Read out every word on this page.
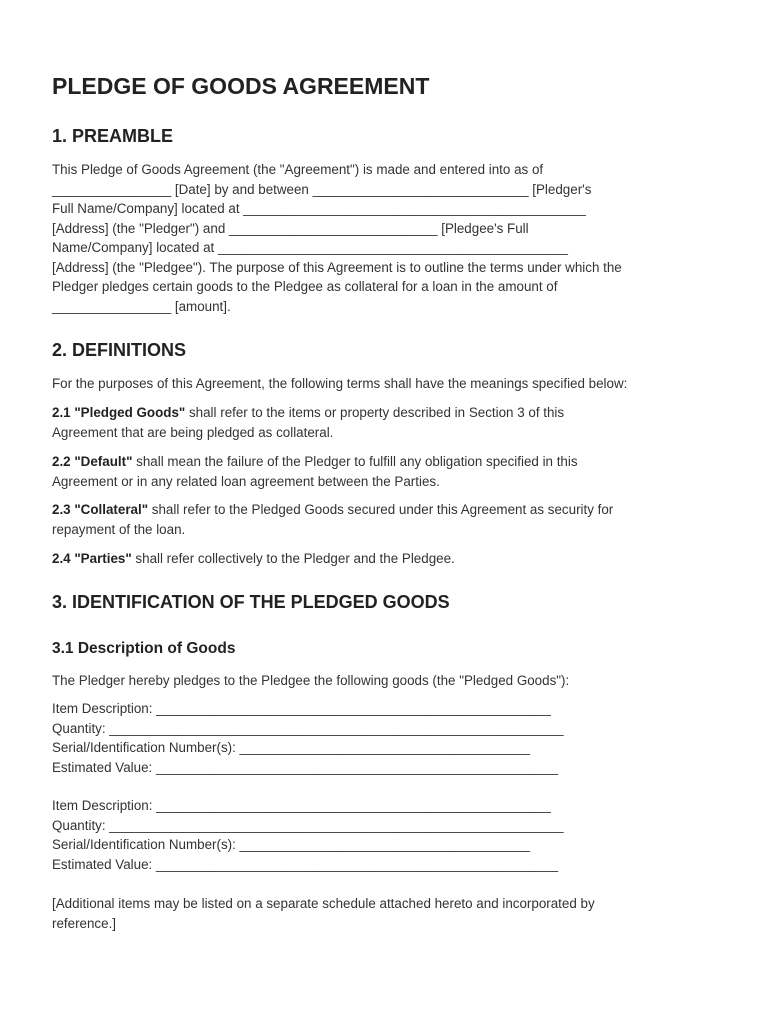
PLEDGE OF GOODS AGREEMENT
1. PREAMBLE
This Pledge of Goods Agreement (the "Agreement") is made and entered into as of
________________ [Date] by and between _____________________________ [Pledger's
Full Name/Company] located at ______________________________________________
[Address] (the "Pledger") and ____________________________ [Pledgee's Full
Name/Company] located at _______________________________________________
[Address] (the "Pledgee"). The purpose of this Agreement is to outline the terms under which the
Pledger pledges certain goods to the Pledgee as collateral for a loan in the amount of
________________ [amount].
2. DEFINITIONS
For the purposes of this Agreement, the following terms shall have the meanings specified below:
2.1 "Pledged Goods" shall refer to the items or property described in Section 3 of this
Agreement that are being pledged as collateral.
2.2 "Default" shall mean the failure of the Pledger to fulfill any obligation specified in this
Agreement or in any related loan agreement between the Parties.
2.3 "Collateral" shall refer to the Pledged Goods secured under this Agreement as security for
repayment of the loan.
2.4 "Parties" shall refer collectively to the Pledger and the Pledgee.
3. IDENTIFICATION OF THE PLEDGED GOODS
3.1 Description of Goods
The Pledger hereby pledges to the Pledgee the following goods (the "Pledged Goods"):
Item Description: _____________________________________________________
Quantity: _____________________________________________________________
Serial/Identification Number(s): _______________________________________
Estimated Value: ______________________________________________________
Item Description: _____________________________________________________
Quantity: _____________________________________________________________
Serial/Identification Number(s): _______________________________________
Estimated Value: ______________________________________________________
[Additional items may be listed on a separate schedule attached hereto and incorporated by
reference.]
